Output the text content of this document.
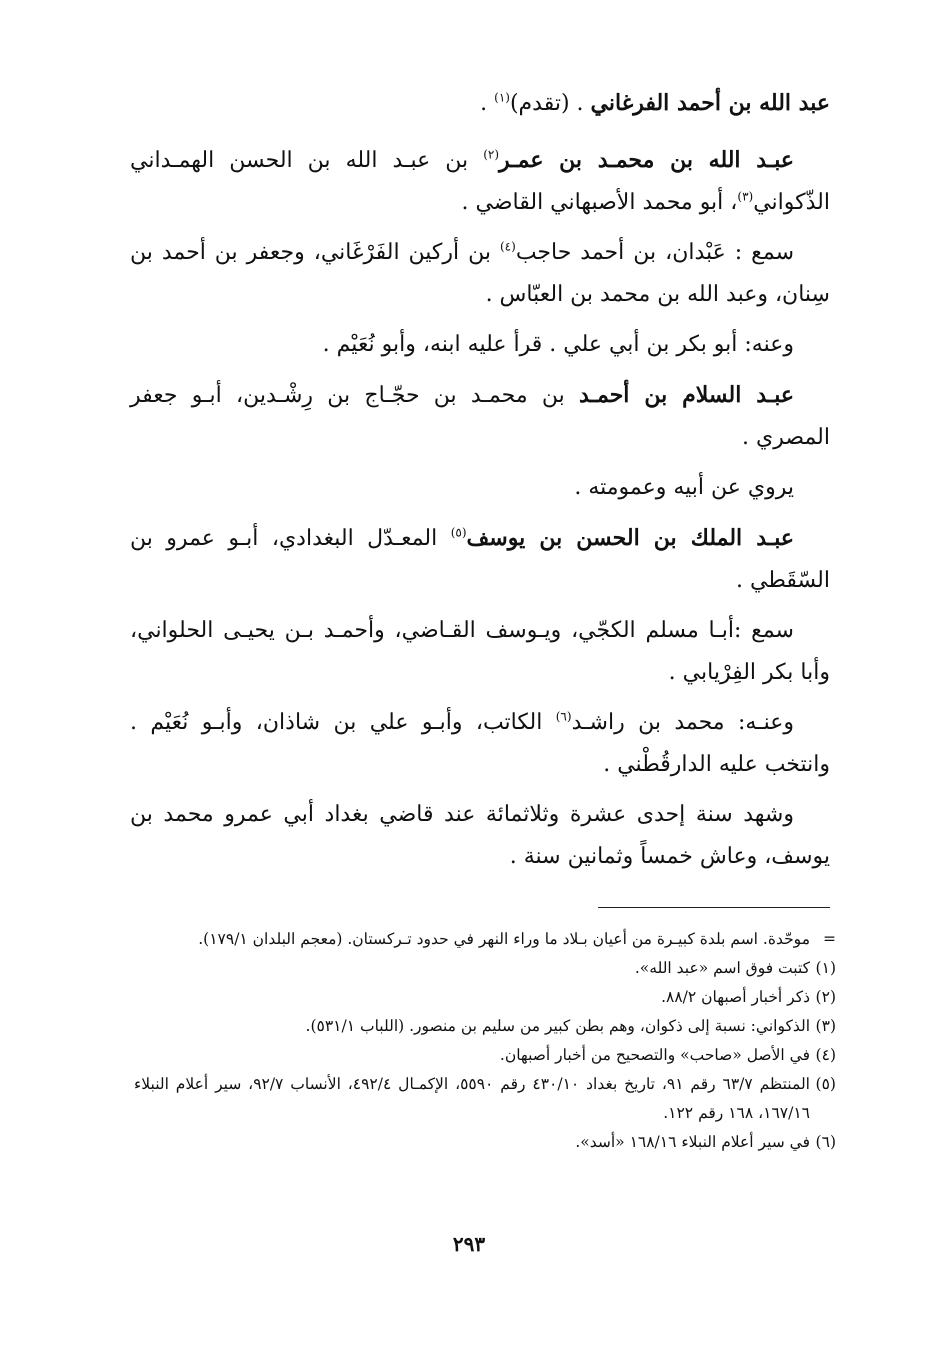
عبد الله بن أحمد الفرغاني . (تقدم)$^{(١)}$ .

عبـد الله بن محمـد بن عمـر$^{(٢)}$ بن عبـد الله بن الحسن الهمـداني الذّكواني$^{(٣)}$، أبو محمد الأصبهاني القاضي .

سمع : عَبْدان، بن أحمد حاجب$^{(٤)}$ بن أركين الفَرْغَاني، وجعفر بن أحمد بن سِنان، وعبد الله بن محمد بن العبّاس .

وعنه: أبو بكر بن أبي علي . قرأ عليه ابنه، وأبو نُعَيْم .

عبـد السلام بن أحمـد بن محمـد بن حجّـاج بن رِشْـدين، أبـو جعفر المصري .

يروي عن أبيه وعمومته .

عبـد الملك بن الحسن بن يوسف$^{(٥)}$ المعـدّل البغدادي، أبـو عمرو بن السّقَطي .

سمع :أبـا مسلم الكجّي، ويـوسف القـاضي، وأحمـد بـن يحيـى الحلواني، وأبا بكر الفِرْيابي .

وعنـه: محمد بن راشـد$^{(٦)}$ الكاتب، وأبـو علي بن شاذان، وأبـو نُعَيْم . وانتخب عليه الدارقُطْني .

وشهد سنة إحدى عشرة وثلاثمائة عند قاضي بغداد أبي عمرو محمد بن يوسف، وعاش خمساً وثمانين سنة .

=موحّدة. اسم بلدة كبيـرة من أعيان بـلاد ما وراء النهر في حدود تـركستان. (معجم البلدان ١٧٩/١).

(١)كتبت فوق اسم «عبد الله».

(٢)ذكر أخبار أصبهان ٨٨/٢.

(٣)الذكواني: نسبة إلى ذكوان، وهم بطن كبير من سليم بن منصور. (اللباب ٥٣١/١).

(٤)في الأصل «صاحب» والتصحيح من أخبار أصبهان.

(٥)المنتظم ٦٣/٧ رقم ٩١، تاريخ بغداد ٤٣٠/١٠ رقم ٥٥٩٠، الإكمـال ٤٩٢/٤، الأنساب ٩٢/٧، سير أعلام النبلاء ١٦٧/١٦، ١٦٨ رقم ١٢٢.

(٦)في سير أعلام النبلاء ١٦٨/١٦ «أسد».

٢٩٣
